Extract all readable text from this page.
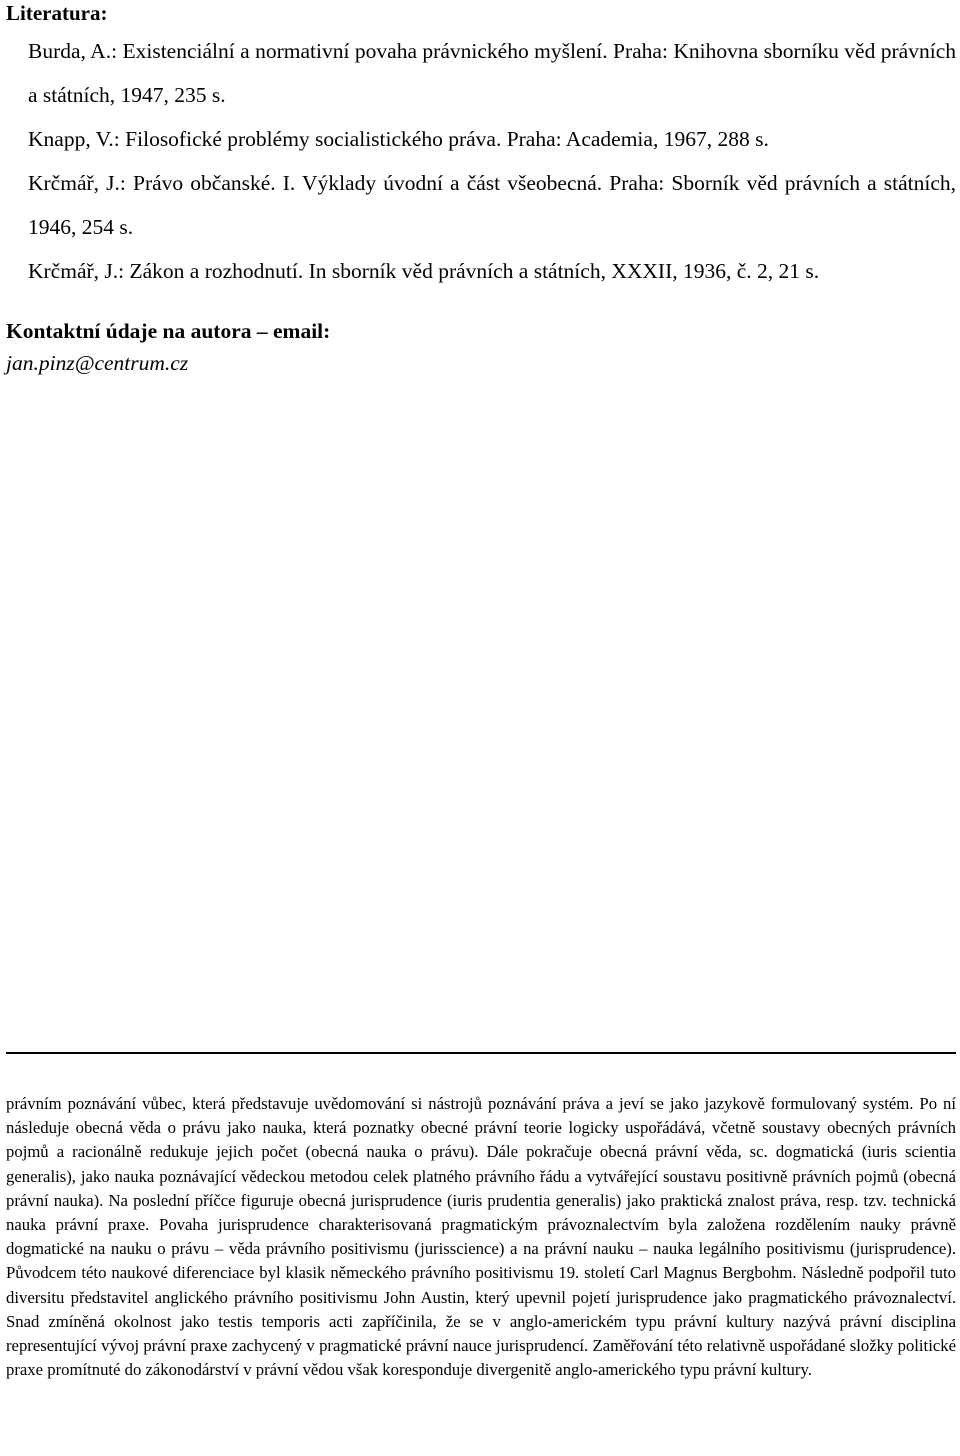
Literatura:
Burda, A.: Existenciální a normativní povaha právnického myšlení. Praha: Knihovna sborníku věd právních a státních, 1947, 235 s.
Knapp, V.: Filosofické problémy socialistického práva. Praha: Academia, 1967, 288 s.
Krčmář, J.: Právo občanské. I. Výklady úvodní a část všeobecná. Praha: Sborník věd právních a státních, 1946, 254 s.
Krčmář, J.: Zákon a rozhodnutí. In sborník věd právních a státních, XXXII, 1936, č. 2, 21 s.
Kontaktní údaje na autora – email:

jan.pinz@centrum.cz

právním poznávání vůbec, která představuje uvědomování si nástrojů poznávání práva a jeví se jako jazykově formulovaný systém. Po ní následuje obecná věda o právu jako nauka, která poznatky obecné právní teorie logicky uspořádává, včetně soustavy obecných právních pojmů a racionálně redukuje jejich počet (obecná nauka o právu). Dále pokračuje obecná právní věda, sc. dogmatická (iuris scientia generalis), jako nauka poznávající vědeckou metodou celek platného právního řádu a vytvářející soustavu positivně právních pojmů (obecná právní nauka). Na poslední příčce figuruje obecná jurisprudence (iuris prudentia generalis) jako praktická znalost práva, resp. tzv. technická nauka právní praxe. Povaha jurisprudence charakterisovaná pragmatickým právoznalectvím byla založena rozdělením nauky právně dogmatické na nauku o právu – věda právního positivismu (jurisscience) a na právní nauku – nauka legálního positivismu (jurisprudence). Původcem této naukové diferenciace byl klasik německého právního positivismu 19. století Carl Magnus Bergbohm. Následně podpořil tuto diversitu představitel anglického právního positivismu John Austin, který upevnil pojetí jurisprudence jako pragmatického právoznalectví. Snad zmíněná okolnost jako testis temporis acti zapříčinila, že se v anglo-americkém typu právní kultury nazývá právní disciplina representující vývoj právní praxe zachycený v pragmatické právní nauce jurisprudencí. Zaměřování této relativně uspořádané složky politické praxe promítnuté do zákonodárství v právní vědou však koresponduje divergenitě anglo-amerického typu právní kultury.
